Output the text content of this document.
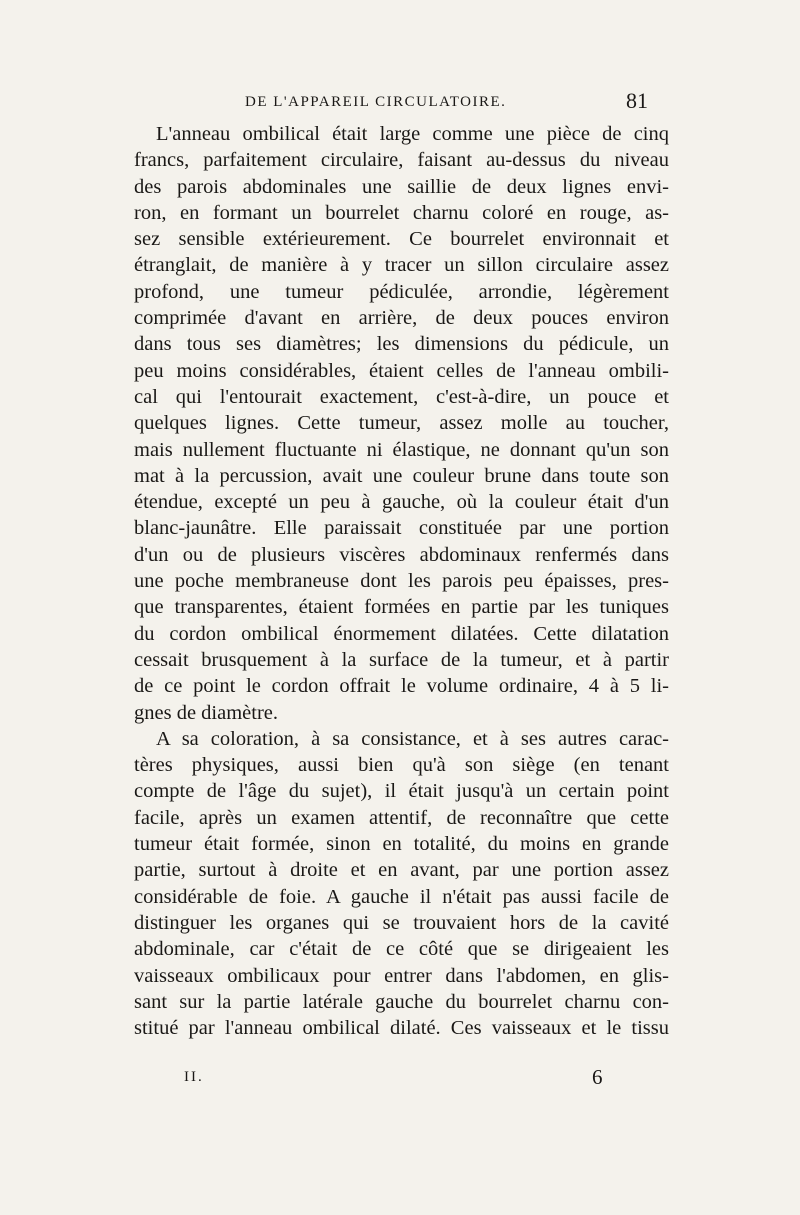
DE L'APPAREIL CIRCULATOIRE.	81
L'anneau ombilical était large comme une pièce de cinq
francs, parfaitement circulaire, faisant au-dessus du niveau
des parois abdominales une saillie de deux lignes envi-
ron, en formant un bourrelet charnu coloré en rouge, as-
sez sensible extérieurement. Ce bourrelet environnait et
étranglait, de manière à y tracer un sillon circulaire assez
profond, une tumeur pédiculée, arrondie, légèrement
comprimée d'avant en arrière, de deux pouces environ
dans tous ses diamètres; les dimensions du pédicule, un
peu moins considérables, étaient celles de l'anneau ombili-
cal qui l'entourait exactement, c'est-à-dire, un pouce et
quelques lignes. Cette tumeur, assez molle au toucher,
mais nullement fluctuante ni élastique, ne donnant qu'un son
mat à la percussion, avait une couleur brune dans toute son
étendue, excepté un peu à gauche, où la couleur était d'un
blanc-jaunâtre. Elle paraissait constituée par une portion
d'un ou de plusieurs viscères abdominaux renfermés dans
une poche membraneuse dont les parois peu épaisses, pres-
que transparentes, étaient formées en partie par les tuniques
du cordon ombilical énormement dilatées. Cette dilatation
cessait brusquement à la surface de la tumeur, et à partir
de ce point le cordon offrait le volume ordinaire, 4 à 5 li-
gnes de diamètre.
A sa coloration, à sa consistance, et à ses autres carac-
tères physiques, aussi bien qu'à son siège (en tenant
compte de l'âge du sujet), il était jusqu'à un certain point
facile, après un examen attentif, de reconnaître que cette
tumeur était formée, sinon en totalité, du moins en grande
partie, surtout à droite et en avant, par une portion assez
considérable de foie. A gauche il n'était pas aussi facile de
distinguer les organes qui se trouvaient hors de la cavité
abdominale, car c'était de ce côté que se dirigeaient les
vaisseaux ombilicaux pour entrer dans l'abdomen, en glis-
sant sur la partie latérale gauche du bourrelet charnu con-
stitué par l'anneau ombilical dilaté. Ces vaisseaux et le tissu
II.	6
